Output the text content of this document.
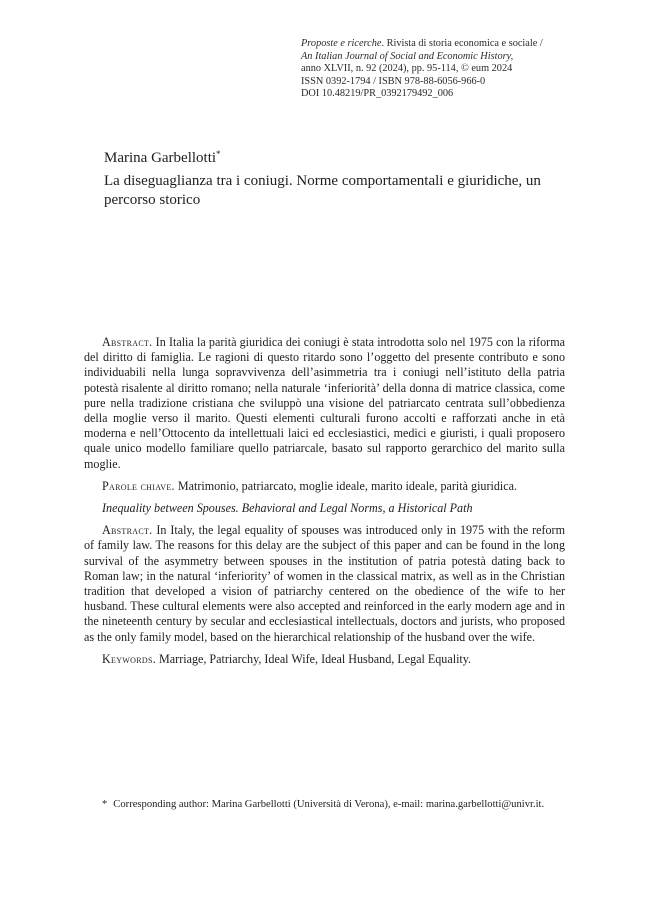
Proposte e ricerche. Rivista di storia economica e sociale /
An Italian Journal of Social and Economic History,
anno XLVII, n. 92 (2024), pp. 95-114, © eum 2024
ISSN 0392-1794 / ISBN 978-88-6056-966-0
DOI 10.48219/PR_0392179492_006
Marina Garbellotti*
La diseguaglianza tra i coniugi. Norme comportamentali e giuridiche, un percorso storico

Abstract. In Italia la parità giuridica dei coniugi è stata introdotta solo nel 1975 con la riforma del diritto di famiglia. Le ragioni di questo ritardo sono l’oggetto del presente contributo e sono individuabili nella lunga sopravvivenza dell’asimmetria tra i coniugi nell’istituto della patria potestà risalente al diritto romano; nella naturale ‘inferiorità’ della donna di matrice classica, come pure nella tradizione cristiana che sviluppò una visione del patriarcato centrata sull’obbedienza della moglie verso il marito. Questi elementi culturali furono accolti e rafforzati anche in età moderna e nell’Ottocento da intellettuali laici ed ecclesiastici, medici e giuristi, i quali proposero quale unico modello familiare quello patriarcale, basato sul rapporto gerarchico del marito sulla moglie.

Parole chiave. Matrimonio, patriarcato, moglie ideale, marito ideale, parità giuridica.

Inequality between Spouses. Behavioral and Legal Norms, a Historical Path

Abstract. In Italy, the legal equality of spouses was introduced only in 1975 with the reform of family law. The reasons for this delay are the subject of this paper and can be found in the long survival of the asymmetry between spouses in the institution of patria potestà dating back to Roman law; in the natural ‘inferiority’ of women in the classical matrix, as well as in the Christian tradition that developed a vision of patriarchy centered on the obedience of the wife to her husband. These cultural elements were also accepted and reinforced in the early modern age and in the nineteenth century by secular and ecclesiastical intellectuals, doctors and jurists, who proposed as the only family model, based on the hierarchical relationship of the husband over the wife.

Keywords. Marriage, Patriarchy, Ideal Wife, Ideal Husband, Legal Equality.

* Corresponding author: Marina Garbellotti (Università di Verona), e-mail: marina.garbellotti@univr.it.
